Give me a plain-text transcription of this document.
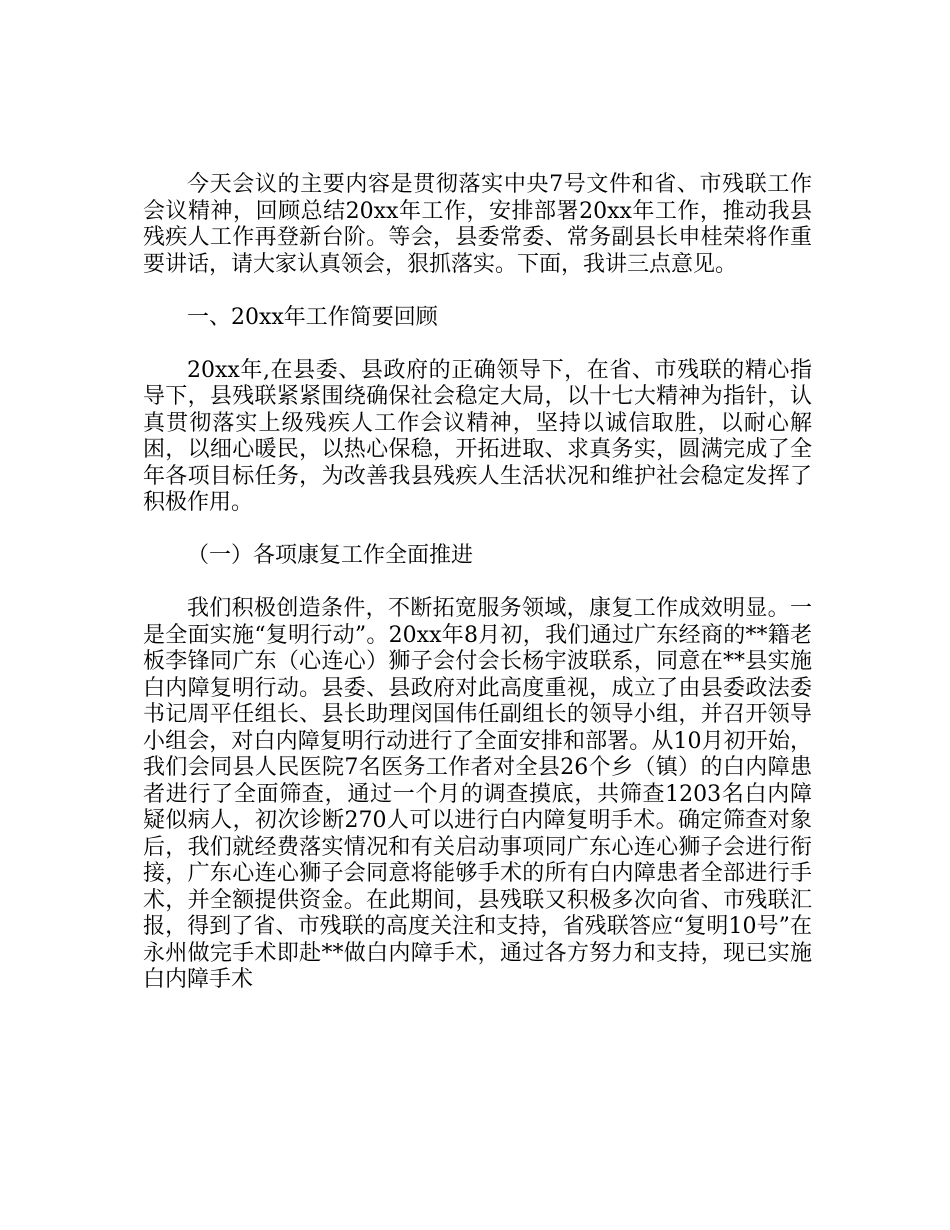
今天会议的主要内容是贯彻落实中央7号文件和省、市残联工作会议精神，回顾总结20xx年工作，安排部署20xx年工作，推动我县残疾人工作再登新台阶。等会，县委常委、常务副县长申桂荣将作重要讲话，请大家认真领会，狠抓落实。下面，我讲三点意见。

一、20xx年工作简要回顾

20xx年,在县委、县政府的正确领导下，在省、市残联的精心指导下，县残联紧紧围绕确保社会稳定大局，以十七大精神为指针，认真贯彻落实上级残疾人工作会议精神，坚持以诚信取胜，以耐心解困，以细心暖民，以热心保稳，开拓进取、求真务实，圆满完成了全年各项目标任务，为改善我县残疾人生活状况和维护社会稳定发挥了积极作用。

（一）各项康复工作全面推进

我们积极创造条件，不断拓宽服务领域，康复工作成效明显。一是全面实施“复明行动”。20xx年8月初，我们通过广东经商的**籍老板李锋同广东（心连心）狮子会付会长杨宇波联系，同意在**县实施白内障复明行动。县委、县政府对此高度重视，成立了由县委政法委书记周平任组长、县长助理闵国伟任副组长的领导小组，并召开领导小组会，对白内障复明行动进行了全面安排和部署。从10月初开始，我们会同县人民医院7名医务工作者对全县26个乡（镇）的白内障患者进行了全面筛查，通过一个月的调查摸底，共筛查1203名白内障疑似病人，初次诊断270人可以进行白内障复明手术。确定筛查对象后，我们就经费落实情况和有关启动事项同广东心连心狮子会进行衔接，广东心连心狮子会同意将能够手术的所有白内障患者全部进行手术，并全额提供资金。在此期间，县残联又积极多次向省、市残联汇报，得到了省、市残联的高度关注和支持，省残联答应“复明10号”在永州做完手术即赴**做白内障手术，通过各方努力和支持，现已实施白内障手术
